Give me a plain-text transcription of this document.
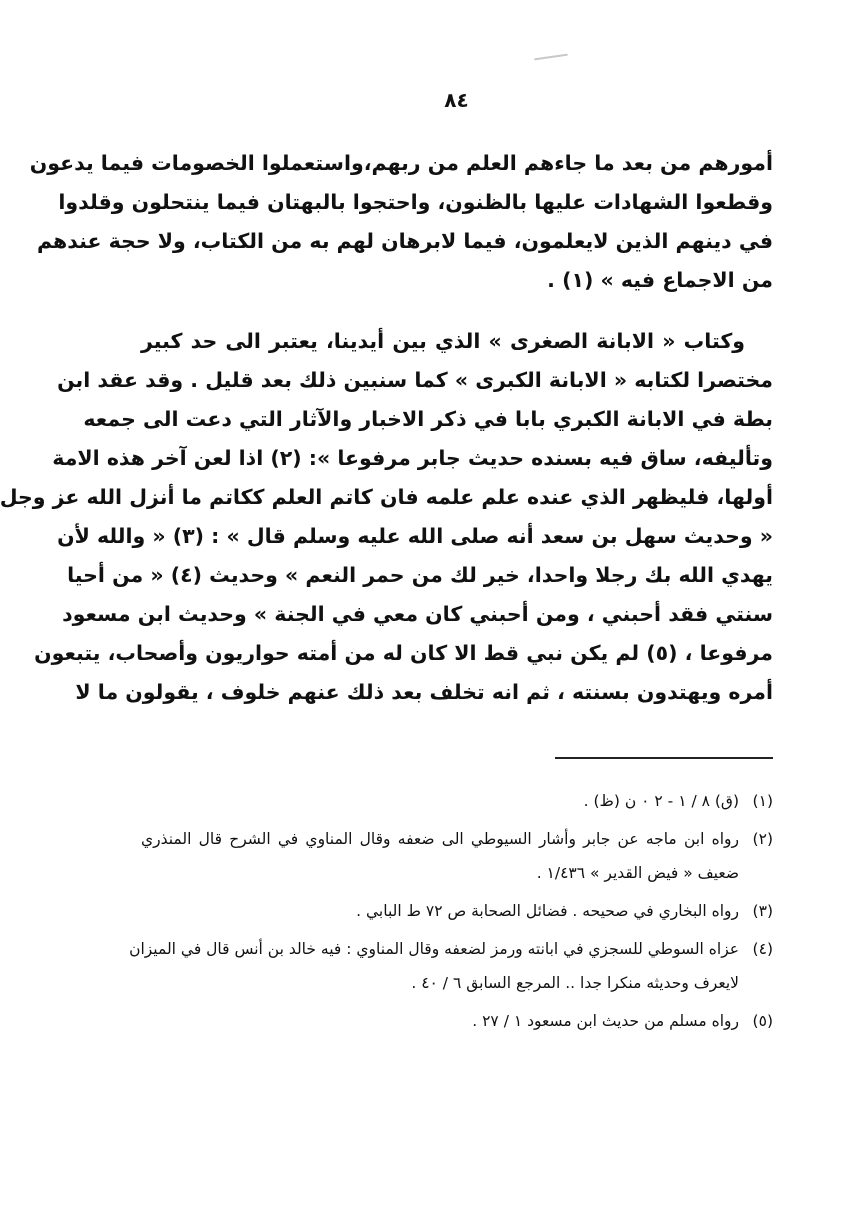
٨٤
أمورهم من بعد ما جاءهم العلم من ربهم،واستعملوا الخصومات فيما يدعون
وقطعوا الشهادات عليها بالظنون، واحتجوا بالبهتان فيما ينتحلون وقلدوا
في دينهم الذين لايعلمون، فيما لابرهان لهم به من الكتاب، ولا حجة عندهم
من الاجماع فيه » (١) .
وكتاب « الابانة الصغرى » الذي بين أيدينا، يعتبر الى حد كبير
مختصرا لكتابه « الابانة الكبرى » كما سنبين ذلك بعد قليل . وقد عقد ابن
بطة في الابانة الكبري بابا في ذكر الاخبار والآثار التي دعت الى جمعه
وتأليفه، ساق فيه بسنده حديث جابر مرفوعا »: (٢) اذا لعن آخر هذه الامة
أولها، فليظهر الذي عنده علم علمه فان كاتم العلم ككاتم ما أنزل الله عز وجل
« وحديث سهل بن سعد أنه صلى الله عليه وسلم قال » : (٣) « والله لأن
يهدي الله بك رجلا واحدا، خير لك من حمر النعم » وحديث (٤) « من أحيا
سنتي فقد أحبني ، ومن أحبني كان معي في الجنة » وحديث ابن مسعود
مرفوعا ، (٥) لم يكن نبي قط الا كان له من أمته حواريون وأصحاب، يتبعون
أمره ويهتدون بسنته ، ثم انه تخلف بعد ذلك عنهم خلوف ، يقولون ما لا
(١)
(ق) ٨ / ١ - ٢ ٠ ن (ظ) .
(٢)
رواه ابن ماجه عن جابر وأشار السيوطي الى ضعفه وقال المناوي في الشرح قال المنذري
ضعيف « فيض القدير » ١/٤٣٦ .
(٣)
رواه البخاري في صحيحه . فضائل الصحابة ص ٧٢ ط البابي .
(٤)
عزاه السوطي للسجزي في ابانته ورمز لضعفه وقال المناوي : فيه خالد بن أنس قال في الميزان
لايعرف وحديثه منكرا جدا .. المرجع السابق ٦ / ٤٠ .
(٥)
رواه مسلم من حديث ابن مسعود ١ / ٢٧ .
